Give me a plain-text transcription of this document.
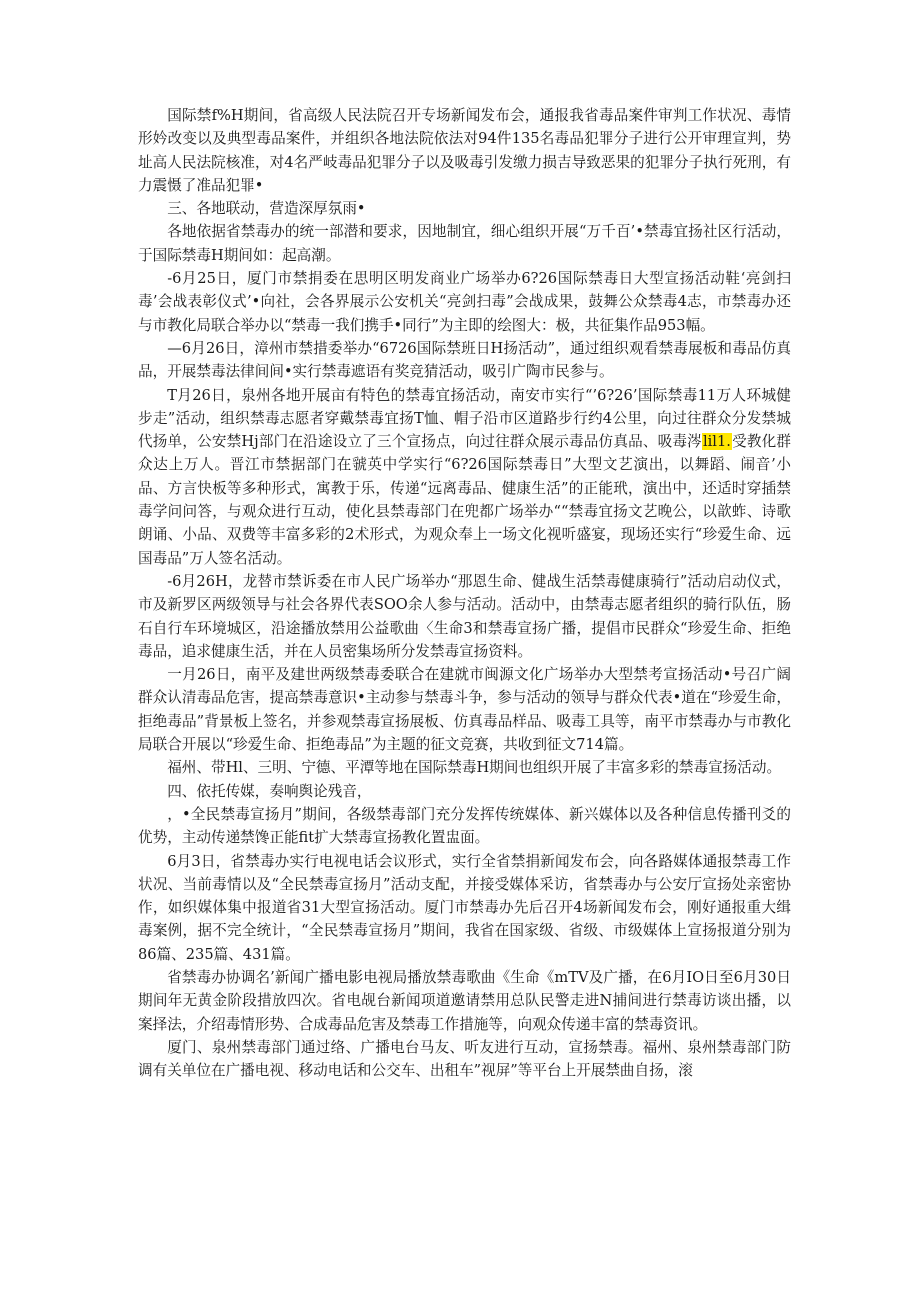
国际禁f%H期间，省高级人民法院召开专场新闻发布会，通报我省毒品案件审判工作状况、毒情形妗改变以及典型毒品案件，并组织各地法院依法对94件135名毒品犯罪分子进行公开审理宣判，势址高人民法院核准，对4名严岐毒品犯罪分子以及吸毒引发缴力损吉导致恶果的犯罪分子执行死刑，有力震慑了准品犯罪•

三、各地联动，营造深厚氛雨•

各地依据省禁毒办的统一部潜和要求，因地制宜，细心组织开展“万千百’•禁毒宜扬社区行活动，于国际禁毒H期间如：起高潮。

-6月25日，厦门市禁捐委在思明区明发商业广场举办6?26国际禁毒日大型宣扬活动鞋‘亮剑扫毒’会战表彰仪式’•向社，会各界展示公安机关“亮剑扫毒”会战成果，鼓舞公众禁毒4志，市禁毒办还与市教化局联合举办以“禁毒一我们携手•同行”为主即的绘图大：极，共征集作品953幅。

—6月26日，漳州市禁措委举办“6726国际禁班日H扬活动”，通过组织观看禁毒展板和毒品仿真品，开展禁毒法律间间•实行禁毒遮语有奖竞猜活动，吸引广陶市民参与。

T月26日，泉州各地开展亩有特色的禁毒宜扬活动，南安市实行“’6?26’国际禁毒11万人环城健步走”活动，组织禁毒志愿者穿戴禁毒宜扬T恤、帽子沿市区道路步行约4公里，向过往群众分发禁城代扬单，公安禁Hj部门在沿途设立了三个宣扬点，向过往群众展示毒品仿真品、吸毒涔lil1.受教化群众达上万人。晋江市禁据部门在虢英中学实行“6?26国际禁毒日”大型文艺演出，以舞蹈、闹音’小品、方言快板等多种形式，寓教于乐，传递“远离毒品、健康生活”的正能玳，演出中，还适时穿插禁毒学问问答，与观众进行互动，使化县禁毒部门在兜都广场举办““禁毒宜扬文艺晚公，以歆蚱、诗歌朗诵、小品、双费等丰富多彩的2术形式，为观众奉上一场文化视听盛宴，现场还实行“珍爱生命、远国毒品”万人签名活动。

-6月26H，龙替市禁诉委在市人民广场举办“那恩生命、健战生活禁毒健康骑行”活动启动仪式，市及新罗区两级领导与社会各界代表SOO余人参与活动。活动中，由禁毒志愿者组织的骑行队伍，肠石自行车环境城区，沿途播放禁用公益歌曲〈生命3和禁毒宣扬广播，提倡市民群众“珍爱生命、拒绝毒品，追求健康生活，并在人员密集场所分发禁毒宣扬资料。

一月26日，南平及建世两级禁毒委联合在建就市闽源文化广场举办大型禁考宣扬活动•号召广阔群众认清毒品危害，提高禁毒意识•主动参与禁毒斗争，参与活动的领导与群众代表•道在“珍爱生命，拒绝毒品”背景板上签名，并参观禁毒宣扬展板、仿真毒品样品、吸毒工具等，南平市禁毒办与市教化局联合开展以“珍爱生命、拒绝毒品”为主题的征文竞赛，共收到征文714篇。

福州、带Hl、三明、宁德、平潭等地在国际禁毒H期间也组织开展了丰富多彩的禁毒宣扬活动。

四、依托传媒，奏响舆论残音，

，•全民禁毒宣扬月”期间，各级禁毒部门充分发挥传统媒体、新兴媒体以及各种信息传播刊爻的优势，主动传递禁馋正能fit扩大禁毒宣扬教化置盅面。

6月3日，省禁毒办实行电视电话会议形式，实行全省禁捐新闻发布会，向各路媒体通报禁毒工作状况、当前毒情以及“全民禁毒宣扬月”活动支配，并接受媒体采访，省禁毒办与公安厅宣扬处亲密协作，如织媒体集中报道省31大型宣扬活动。厦门市禁毒办先后召开4场新闻发布会，刚好通报重大缉毒案例，据不完全统计，“全民禁毒宣扬月”期间，我省在国家级、省级、市级媒体上宣扬报道分别为86篇、235篇、431篇。

省禁毒办协调名’新闻广播电影电视局播放禁毒歌曲《生命《mTV及广播，在6月IO日至6月30日期间年无黄金阶段措放四次。省电觇台新闻项道邀请禁用总队民警走进N捕间进行禁毒访谈出播，以案择法，介绍毒情形势、合成毒品危害及禁毒工作措施等，向观众传递丰富的禁毒资讯。

厦门、泉州禁毒部门通过络、广播电台马友、听友进行互动，宣扬禁毒。福州、泉州禁毒部门防调有关单位在广播电视、移动电话和公交车、出租车”视屏”等平台上开展禁曲自扬，滚
